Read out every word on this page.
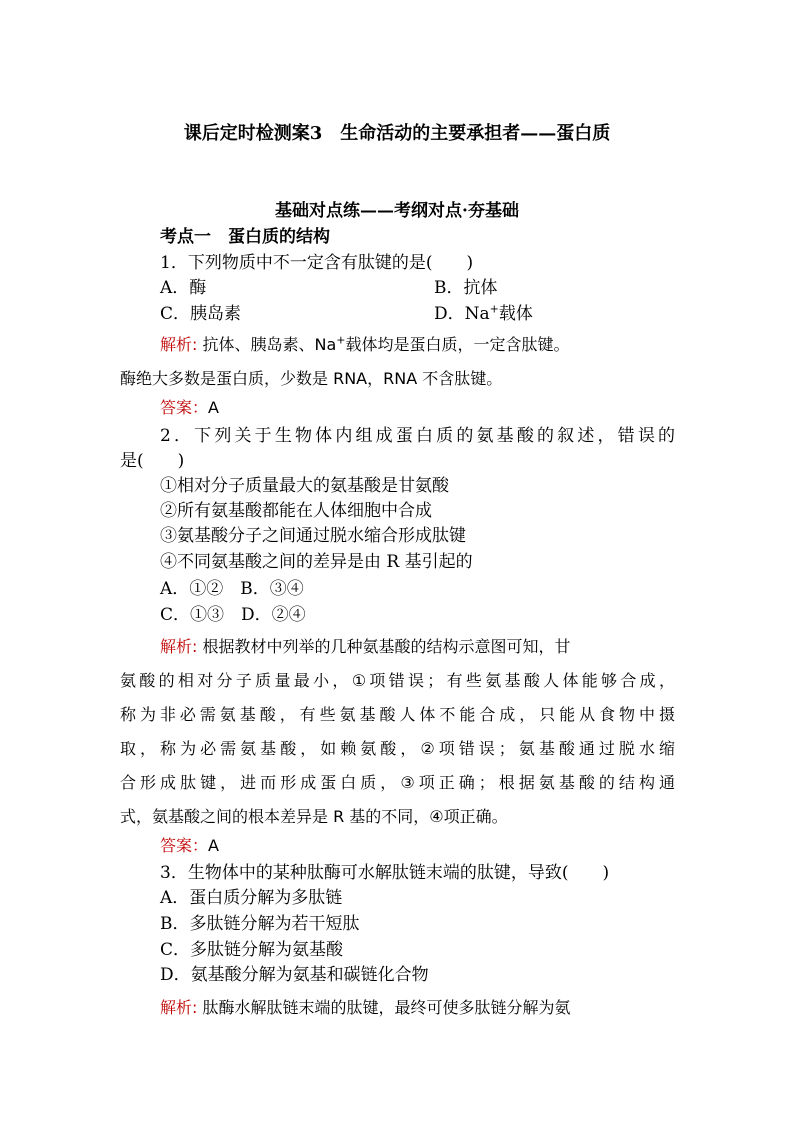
课后定时检测案3　生命活动的主要承担者——蛋白质
基础对点练——考纲对点·夯基础
考点一　蛋白质的结构
1．下列物质中不一定含有肽键的是(　　)
A．酶	B．抗体
C．胰岛素	D．Na+载体
解析: 抗体、胰岛素、Na+载体均是蛋白质，一定含肽键。
酶绝大多数是蛋白质，少数是 RNA，RNA 不含肽键。
答案：A
2．下列关于生物体内组成蛋白质的氨基酸的叙述，错误的
是(　　)
①相对分子质量最大的氨基酸是甘氨酸
②所有氨基酸都能在人体细胞中合成
③氨基酸分子之间通过脱水缩合形成肽键
④不同氨基酸之间的差异是由 R 基引起的
A．①②　B．③④
C．①③　D．②④
解析: 根据教材中列举的几种氨基酸的结构示意图可知，甘
氨酸的相对分子质量最小，①项错误；有些氨基酸人体能够合成，
称为非必需氨基酸，有些氨基酸人体不能合成，只能从食物中摄
取，称为必需氨基酸，如赖氨酸，②项错误；氨基酸通过脱水缩
合形成肽键，进而形成蛋白质，③项正确；根据氨基酸的结构通
式，氨基酸之间的根本差异是 R 基的不同，④项正确。
答案：A
3．生物体中的某种肽酶可水解肽链末端的肽键，导致(　　)
A．蛋白质分解为多肽链
B．多肽链分解为若干短肽
C．多肽链分解为氨基酸
D．氨基酸分解为氨基和碳链化合物
解析: 肽酶水解肽链末端的肽键，最终可使多肽链分解为氨
